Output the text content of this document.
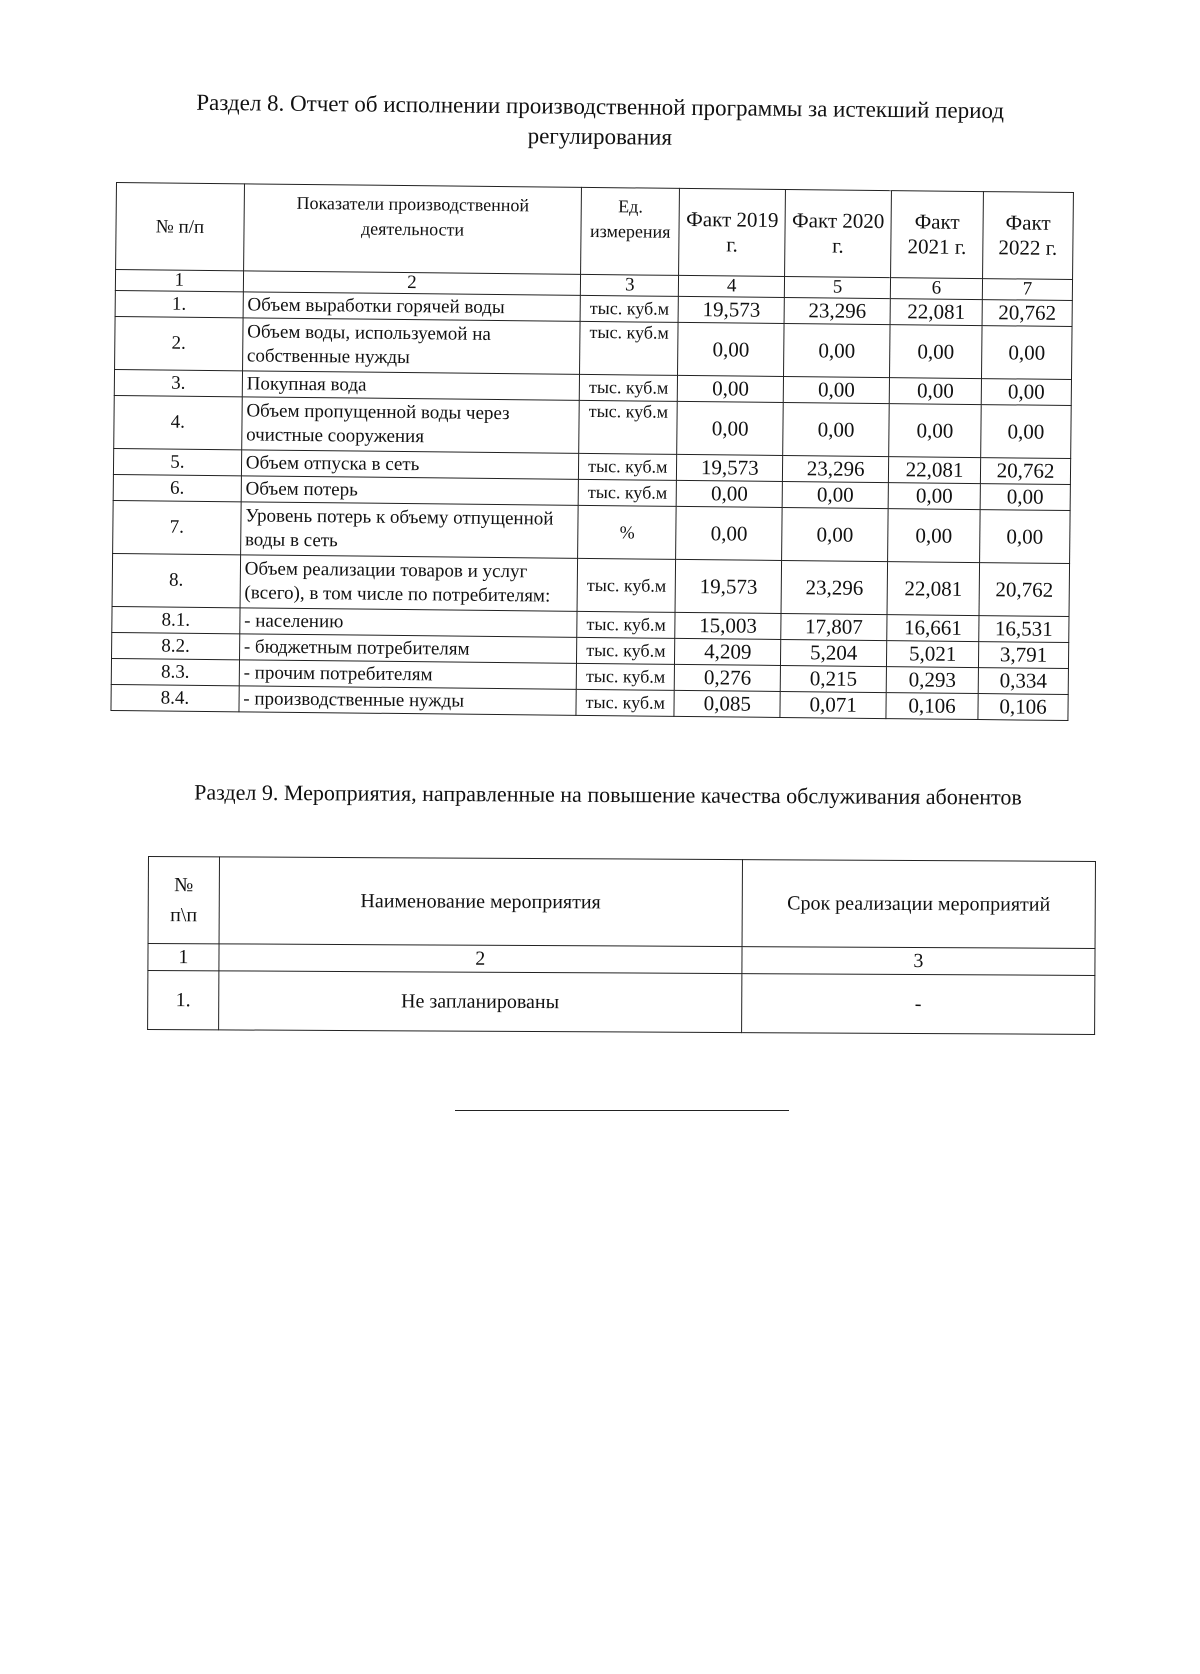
Раздел 8. Отчет об исполнении производственной программы за истекший период регулирования
№ п/п	Показатели производственной деятельности	Ед. измерения	Факт 2019 г.	Факт 2020 г.	Факт 2021 г.	Факт 2022 г.
1	2	3	4	5	6	7
1.	Объем выработки горячей воды	тыс. куб.м	19,573	23,296	22,081	20,762
2.	Объем воды, используемой на собственные нужды	тыс. куб.м	0,00	0,00	0,00	0,00
3.	Покупная вода	тыс. куб.м	0,00	0,00	0,00	0,00
4.	Объем пропущенной воды через очистные сооружения	тыс. куб.м	0,00	0,00	0,00	0,00
5.	Объем отпуска в сеть	тыс. куб.м	19,573	23,296	22,081	20,762
6.	Объем потерь	тыс. куб.м	0,00	0,00	0,00	0,00
7.	Уровень потерь к объему отпущенной воды в сеть	%	0,00	0,00	0,00	0,00
8.	Объем реализации товаров и услуг (всего), в том числе по потребителям:	тыс. куб.м	19,573	23,296	22,081	20,762
8.1.	- населению	тыс. куб.м	15,003	17,807	16,661	16,531
8.2.	- бюджетным потребителям	тыс. куб.м	4,209	5,204	5,021	3,791
8.3.	- прочим потребителям	тыс. куб.м	0,276	0,215	0,293	0,334
8.4.	- производственные нужды	тыс. куб.м	0,085	0,071	0,106	0,106
Раздел 9. Мероприятия, направленные на повышение качества обслуживания абонентов
№
п\п	Наименование мероприятия	Срок реализации мероприятий
1	2	3
1.	Не запланированы	-
